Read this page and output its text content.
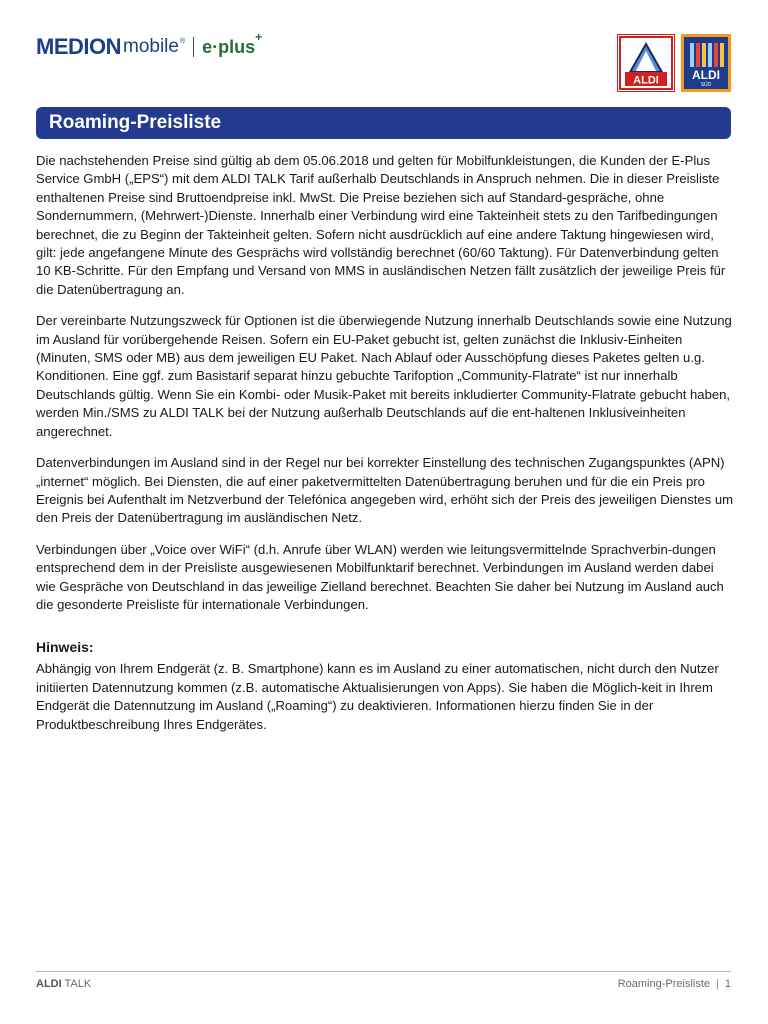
MEDION mobile ® e·plus +
ALDI	ALDI
SÜD
Roaming-Preisliste

Die nachstehenden Preise sind gültig ab dem 05.06.2018 und gelten für Mobilfunkleistungen, die Kunden der E-Plus Service GmbH („EPS“) mit dem ALDI TALK Tarif außerhalb Deutschlands in Anspruch nehmen. Die in dieser Preisliste enthaltenen Preise sind Bruttoendpreise inkl. MwSt. Die Preise beziehen sich auf Standard-gespräche, ohne Sondernummern, (Mehrwert-)Dienste. Innerhalb einer Verbindung wird eine Takteinheit stets zu den Tarifbedingungen berechnet, die zu Beginn der Takteinheit gelten. Sofern nicht ausdrücklich auf eine andere Taktung hingewiesen wird, gilt: jede angefangene Minute des Gesprächs wird vollständig berechnet (60/60 Taktung). Für Datenverbindung gelten 10 KB-Schritte. Für den Empfang und Versand von MMS in ausländischen Netzen fällt zusätzlich der jeweilige Preis für die Datenübertragung an.

Der vereinbarte Nutzungszweck für Optionen ist die überwiegende Nutzung innerhalb Deutschlands sowie eine Nutzung im Ausland für vorübergehende Reisen. Sofern ein EU-Paket gebucht ist, gelten zunächst die Inklusiv-Einheiten (Minuten, SMS oder MB) aus dem jeweiligen EU Paket. Nach Ablauf oder Ausschöpfung dieses Paketes gelten u.g. Konditionen. Eine ggf. zum Basistarif separat hinzu gebuchte Tarifoption „Community-Flatrate“ ist nur innerhalb Deutschlands gültig. Wenn Sie ein Kombi- oder Musik-Paket mit bereits inkludierter Community-Flatrate gebucht haben, werden Min./SMS zu ALDI TALK bei der Nutzung außerhalb Deutschlands auf die ent-haltenen Inklusiveinheiten angerechnet.

Datenverbindungen im Ausland sind in der Regel nur bei korrekter Einstellung des technischen Zugangspunktes (APN) „internet“ möglich. Bei Diensten, die auf einer paketvermittelten Datenübertragung beruhen und für die ein Preis pro Ereignis bei Aufenthalt im Netzverbund der Telefónica angegeben wird, erhöht sich der Preis des jeweiligen Dienstes um den Preis der Datenübertragung im ausländischen Netz.

Verbindungen über „Voice over WiFi“ (d.h. Anrufe über WLAN) werden wie leitungsvermittelnde Sprachverbin-dungen entsprechend dem in der Preisliste ausgewiesenen Mobilfunktarif berechnet. Verbindungen im Ausland werden dabei wie Gespräche von Deutschland in das jeweilige Zielland berechnet. Beachten Sie daher bei Nutzung im Ausland auch die gesonderte Preisliste für internationale Verbindungen.

Hinweis:

Abhängig von Ihrem Endgerät (z. B. Smartphone) kann es im Ausland zu einer automatischen, nicht durch den Nutzer initiierten Datennutzung kommen (z.B. automatische Aktualisierungen von Apps). Sie haben die Möglich-keit in Ihrem Endgerät die Datennutzung im Ausland („Roaming“) zu deaktivieren. Informationen hierzu finden Sie in der Produktbeschreibung Ihres Endgerätes.

ALDI TALK	Roaming-Preisliste | 1
